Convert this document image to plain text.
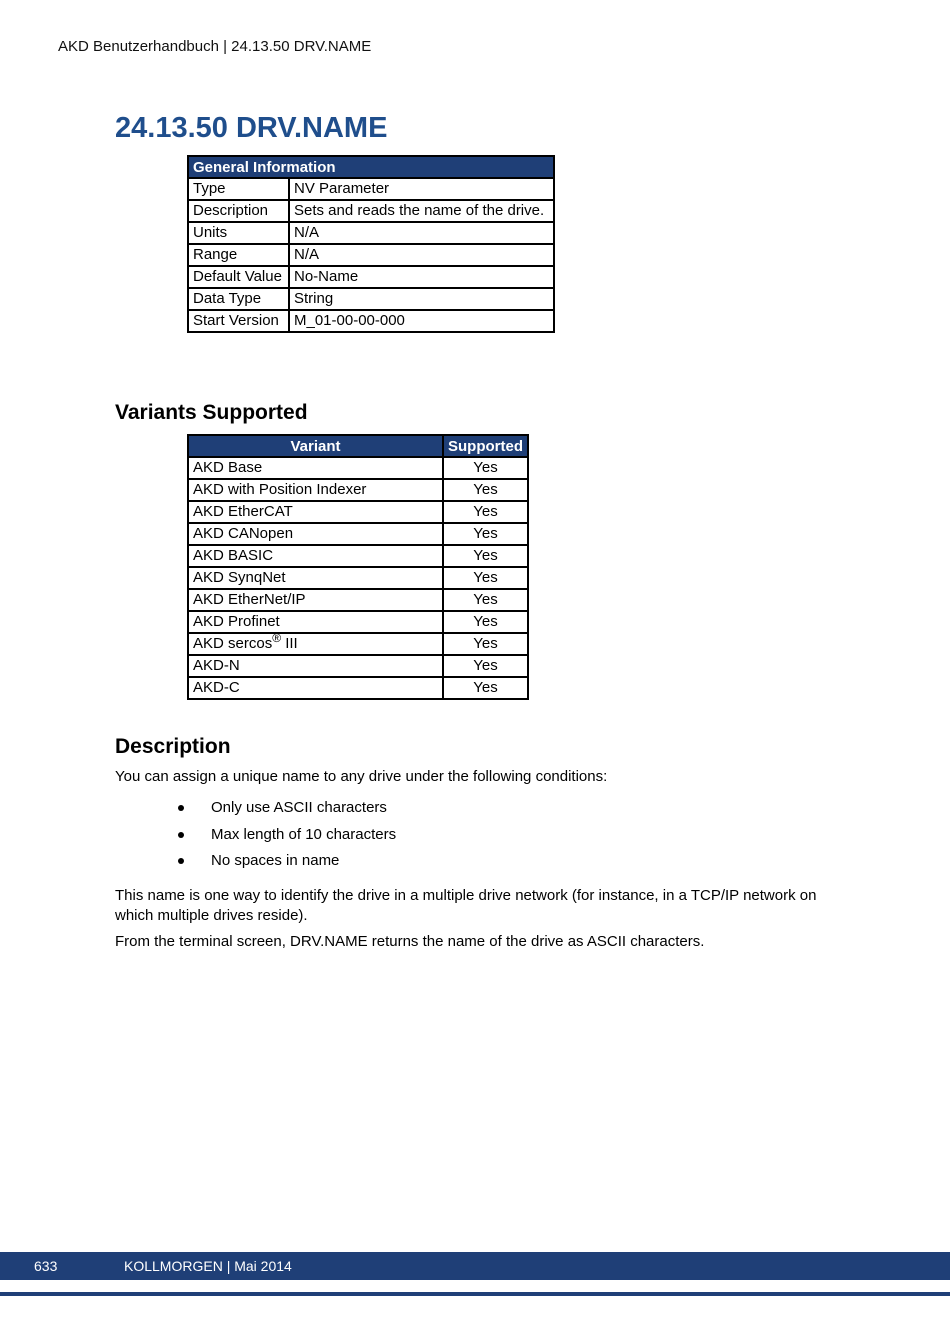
AKD Benutzerhandbuch | 24.13.50 DRV.NAME
24.13.50 DRV.NAME
General Information	
Type	NV Parameter
Description	Sets and reads the name of the drive.
Units	N/A
Range	N/A
Default Value	No-Name
Data Type	String
Start Version	M_01-00-00-000
Variants Supported
Variant	Supported
AKD Base	Yes
AKD with Position Indexer	Yes
AKD EtherCAT	Yes
AKD CANopen	Yes
AKD BASIC	Yes
AKD SynqNet	Yes
AKD EtherNet/IP	Yes
AKD Profinet	Yes
AKD sercos® III	Yes
AKD-N	Yes
AKD-C	Yes
Description

You can assign a unique name to any drive under the following conditions:

Only use ASCII characters
Max length of 10 characters
No spaces in name

This name is one way to identify the drive in a multiple drive network (for instance, in a TCP/IP network on which multiple drives reside).

From the terminal screen, DRV.NAME returns the name of the drive as ASCII characters.

633	KOLLMORGEN | Mai 2014
